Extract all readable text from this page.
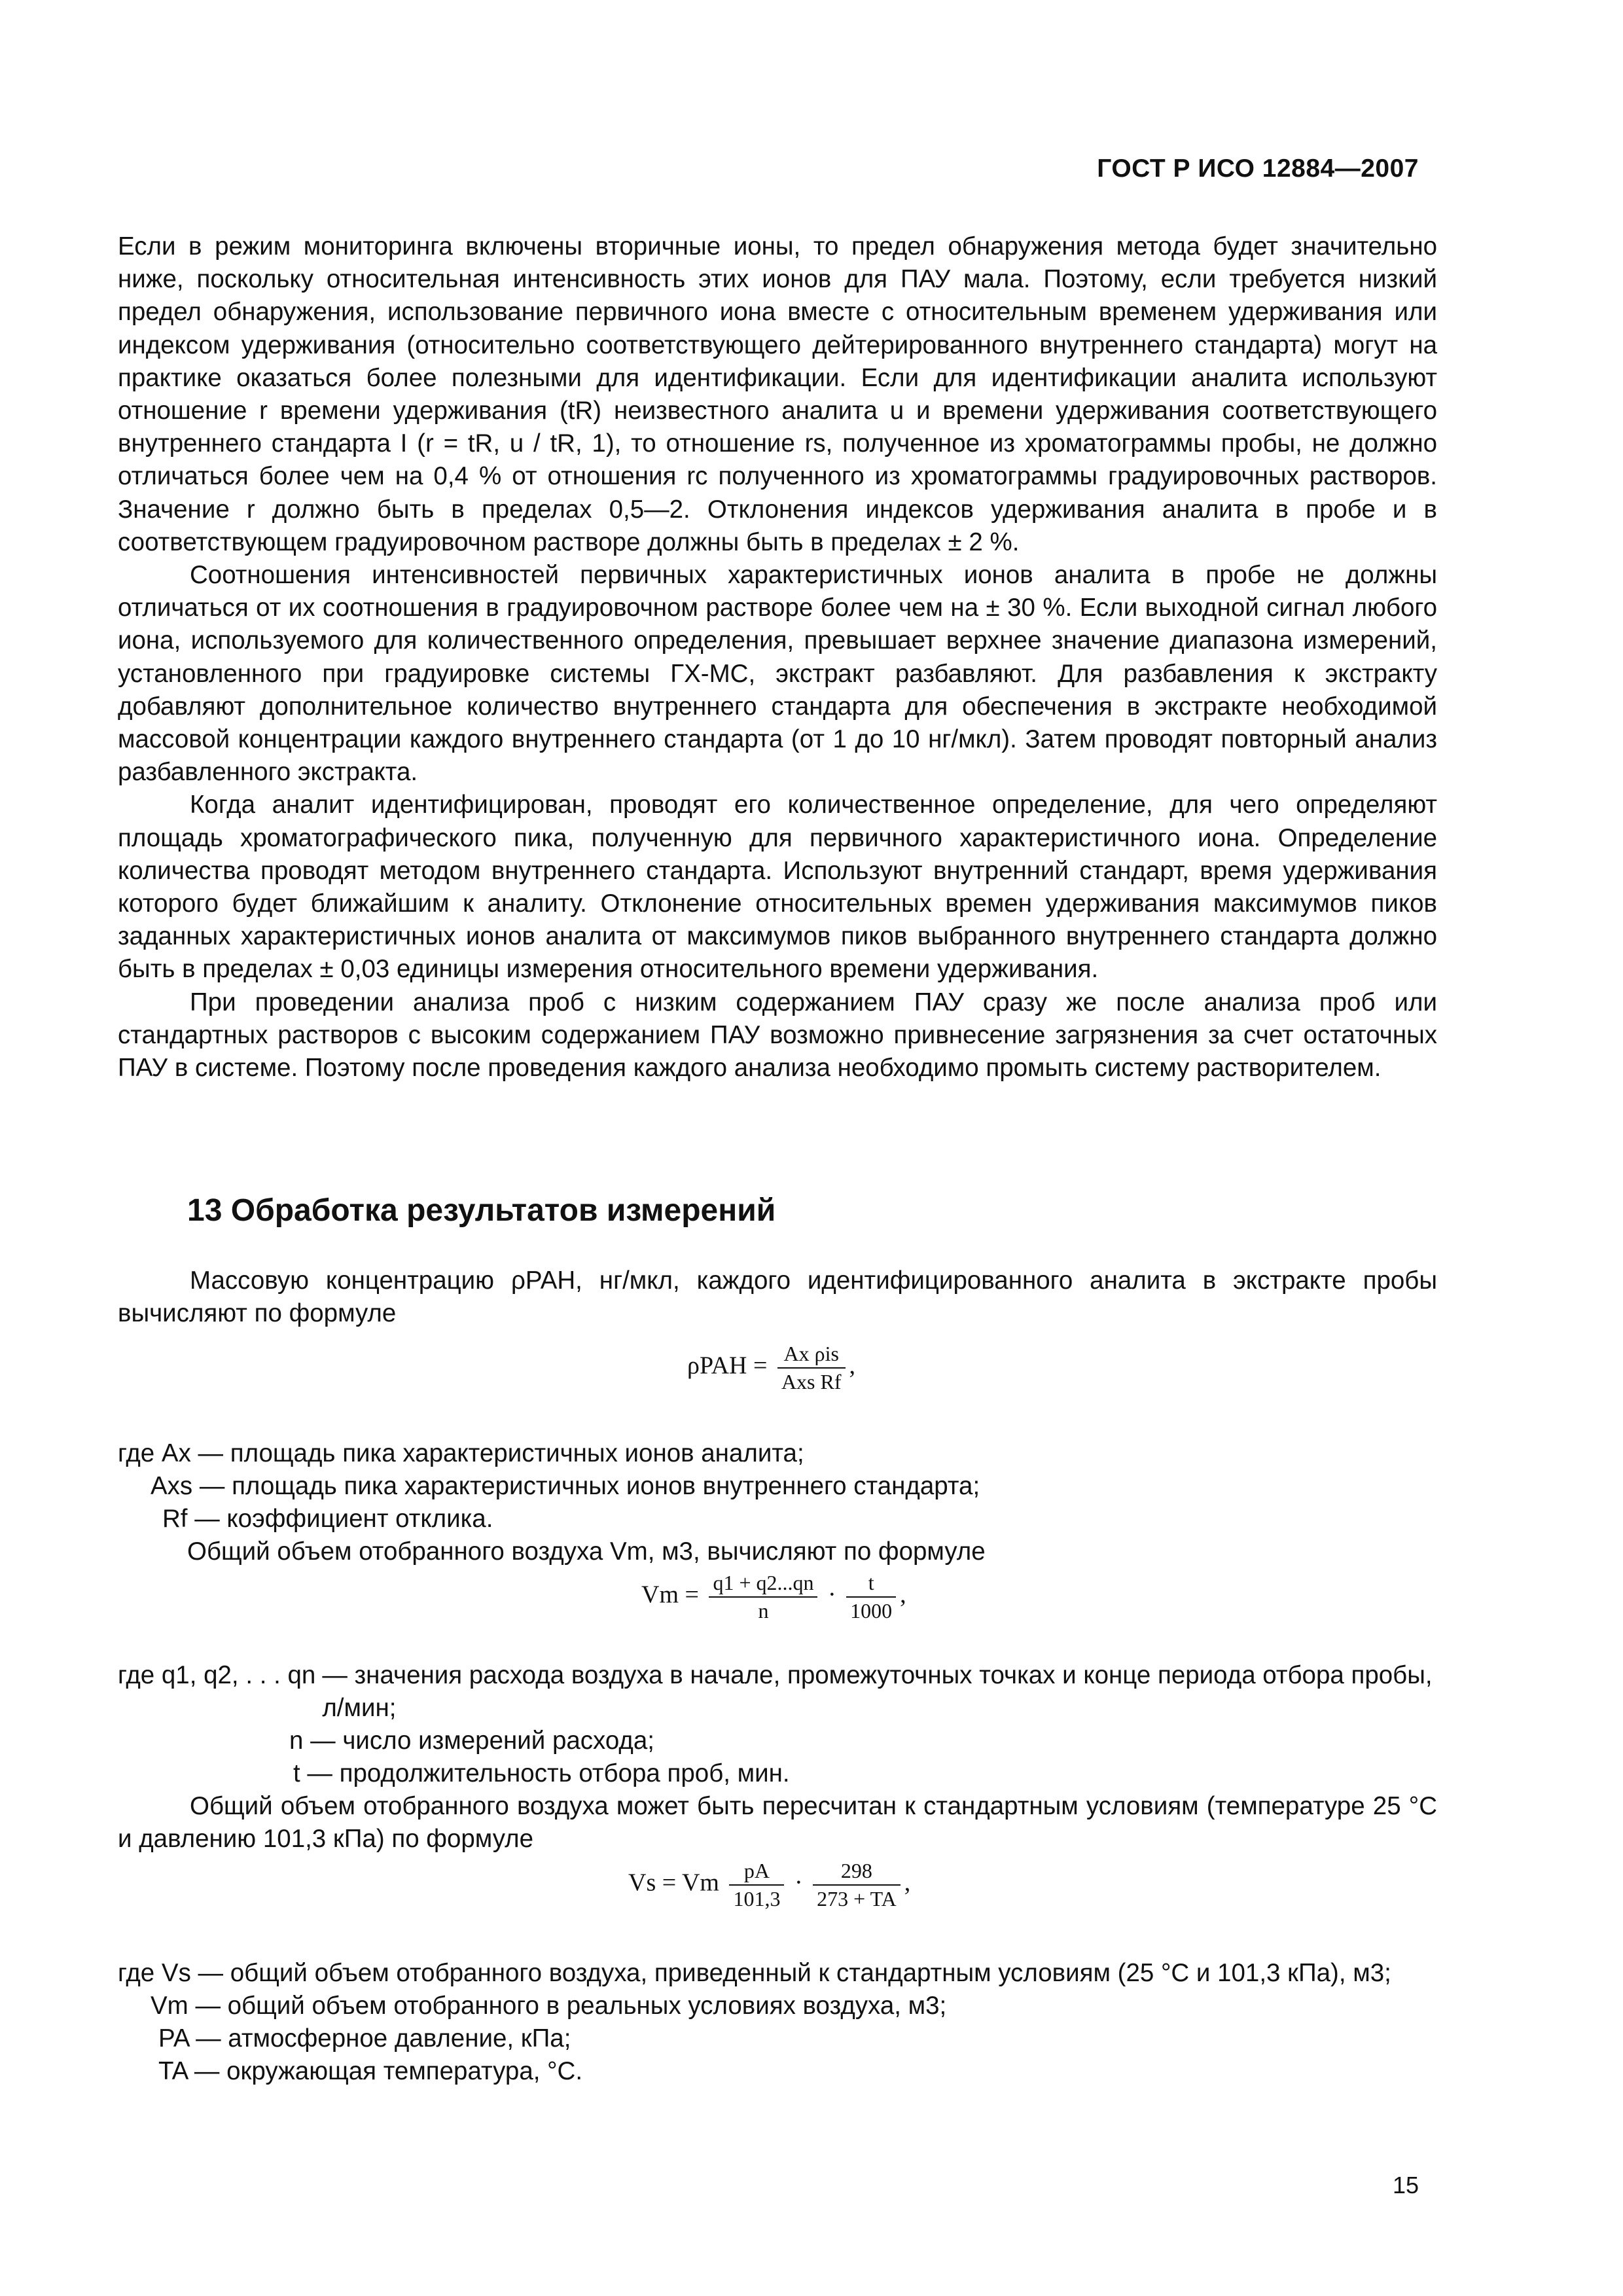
ГОСТ Р ИСО 12884—2007

Если в режим мониторинга включены вторичные ионы, то предел обнаружения метода будет значительно ниже, поскольку относительная интенсивность этих ионов для ПАУ мала. Поэтому, если требуется низкий предел обнаружения, использование первичного иона вместе с относительным временем удерживания или индексом удерживания (относительно соответствующего дейтерированного внутреннего стандарта) могут на практике оказаться более полезными для идентификации. Если для идентификации аналита используют отношение r времени удерживания (tR) неизвестного аналита u и времени удерживания соответствующего внутреннего стандарта I (r = tR, u / tR, 1), то отношение rs, полученное из хроматограммы пробы, не должно отличаться более чем на 0,4 % от отношения rc полученного из хроматограммы градуировочных растворов. Значение r должно быть в пределах 0,5—2. Отклонения индексов удерживания аналита в пробе и в соответствующем градуировочном растворе должны быть в пределах ± 2 %.

Соотношения интенсивностей первичных характеристичных ионов аналита в пробе не должны отличаться от их соотношения в градуировочном растворе более чем на ± 30 %. Если выходной сигнал любого иона, используемого для количественного определения, превышает верхнее значение диапазона измерений, установленного при градуировке системы ГХ-МС, экстракт разбавляют. Для разбавления к экстракту добавляют дополнительное количество внутреннего стандарта для обеспечения в экстракте необходимой массовой концентрации каждого внутреннего стандарта (от 1 до 10 нг/мкл). Затем проводят повторный анализ разбавленного экстракта.

Когда аналит идентифицирован, проводят его количественное определение, для чего определяют площадь хроматографического пика, полученную для первичного характеристичного иона. Определение количества проводят методом внутреннего стандарта. Используют внутренний стандарт, время удерживания которого будет ближайшим к аналиту. Отклонение относительных времен удерживания максимумов пиков заданных характеристичных ионов аналита от максимумов пиков выбранного внутреннего стандарта должно быть в пределах ± 0,03 единицы измерения относительного времени удерживания.

При проведении анализа проб с низким содержанием ПАУ сразу же после анализа проб или стандартных растворов с высоким содержанием ПАУ возможно привнесение загрязнения за счет остаточных ПАУ в системе. Поэтому после проведения каждого анализа необходимо промыть систему растворителем.

13 Обработка результатов измерений

Массовую концентрацию ρPAH, нг/мкл, каждого идентифицированного аналита в экстракте пробы вычисляют по формуле

$\rho PAH = \frac{\text{Ax ρis}}{\text{Axs Rf}}$ ,
где Ax — площадь пика характеристичных ионов аналита;
Axs — площадь пика характеристичных ионов внутреннего стандарта;
Rf — коэффициент отклика.
Общий объем отобранного воздуха Vm, м3, вычисляют по формуле
$Vm = \frac{q1 + q2...qn}{n} \cdot \frac{t}{1000}$ ,
где q1, q2, . . . qn — значения расхода воздуха в начале, промежуточных точках и конце периода отбора пробы, л/мин;
n — число измерений расхода;
t — продолжительность отбора проб, мин.

Общий объем отобранного воздуха может быть пересчитан к стандартным условиям (температуре 25 °С и давлению 101,3 кПа) по формуле

Vs = Vm $\frac{pA}{101,3} \cdot \frac{298}{273 + TA}$ ,
где Vs — общий объем отобранного воздуха, приведенный к стандартным условиям (25 °С и 101,3 кПа), м3;
Vm — общий объем отобранного в реальных условиях воздуха, м3;
PA — атмосферное давление, кПа;
TA — окружающая температура, °С.
15
